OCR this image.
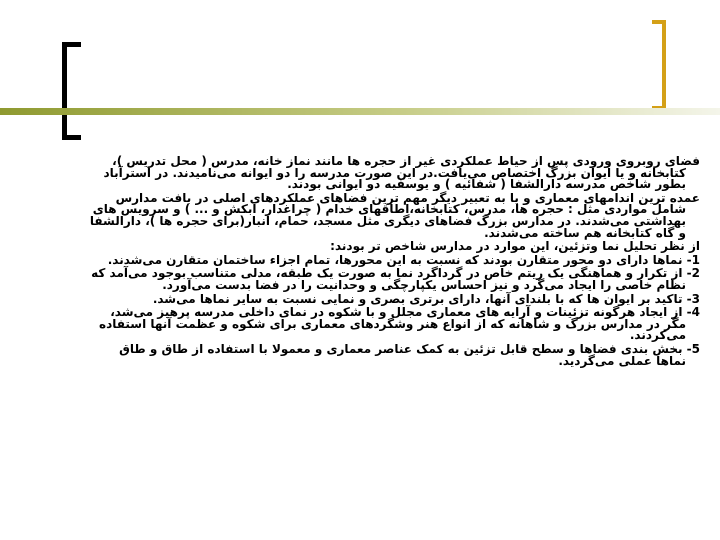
فضای روبروی ورودی پس از حیاط عملکردی غیر از حجره ها مانند نماز خانه، مدرس ( محل تدریس )، کتابخانه و یا ایوان بزرگ اختصاص می‌یافت.در این صورت مدرسه را دو ایوانه می‌نامیدند. در استرآباد بطور شاخص مدرسه دارالشفا ( شفائیه ) و یوسفیه دو ایوانی بودند.

عمده ترین اندامهای معماری و یا به تعبیر دیگر مهم ترین فضاهای عملکردهای اصلی در بافت مدارس شامل مواردی مثل : حجره ها، مدرس، کتابخانه،اطاقهای خدام ( چراغدار، آبکش و ... ) و سرویس های بهداشتی می‌شدند. در مدارس بزرگ فضاهای دیگری مثل مسجد، حمام، انبار(برای حجره ها )، دارالشفا و گاه کتابخانه هم ساخته می‌شدند.

از نظر تحلیل نما وتزئین، این موارد در مدارس شاخص تر بودند:

1- نماها دارای دو محور متقارن بودند که نسبت به این محورها، تمام اجزاء ساختمان متقارن می‌شدند.

2- از تکرار و هماهنگی یک ریتم خاص در گرداگرد نما به صورت یک طبقه، مدلی متناسب بوجود می‌آمد که نظام خاصی را ایجاد می‌گرد و نیز احساس یکپارچگی و وحدانیت را در فضا بدست می‌آورد.

3- تاکید بر ایوان ها که با بلندای آنها، دارای برتری بصری و نمایی نسبت به سایر نماها می‌شد.

4- از ایجاد هرگونه تزئینات و آرایه های معماری مجلل و با شکوه در نمای داخلی مدرسه پرهیز می‌شد، مگر در مدارس بزرگ و شاهانه که از انواع هنر وشگردهای معماری برای شکوه و عظمت آنها استفاده می‌کردند.

5- بخش بندی فضاها و سطح قابل تزئین به کمک عناصر معماری و معمولا با استفاده از طاق و طاق نماها عملی می‌گردید.
